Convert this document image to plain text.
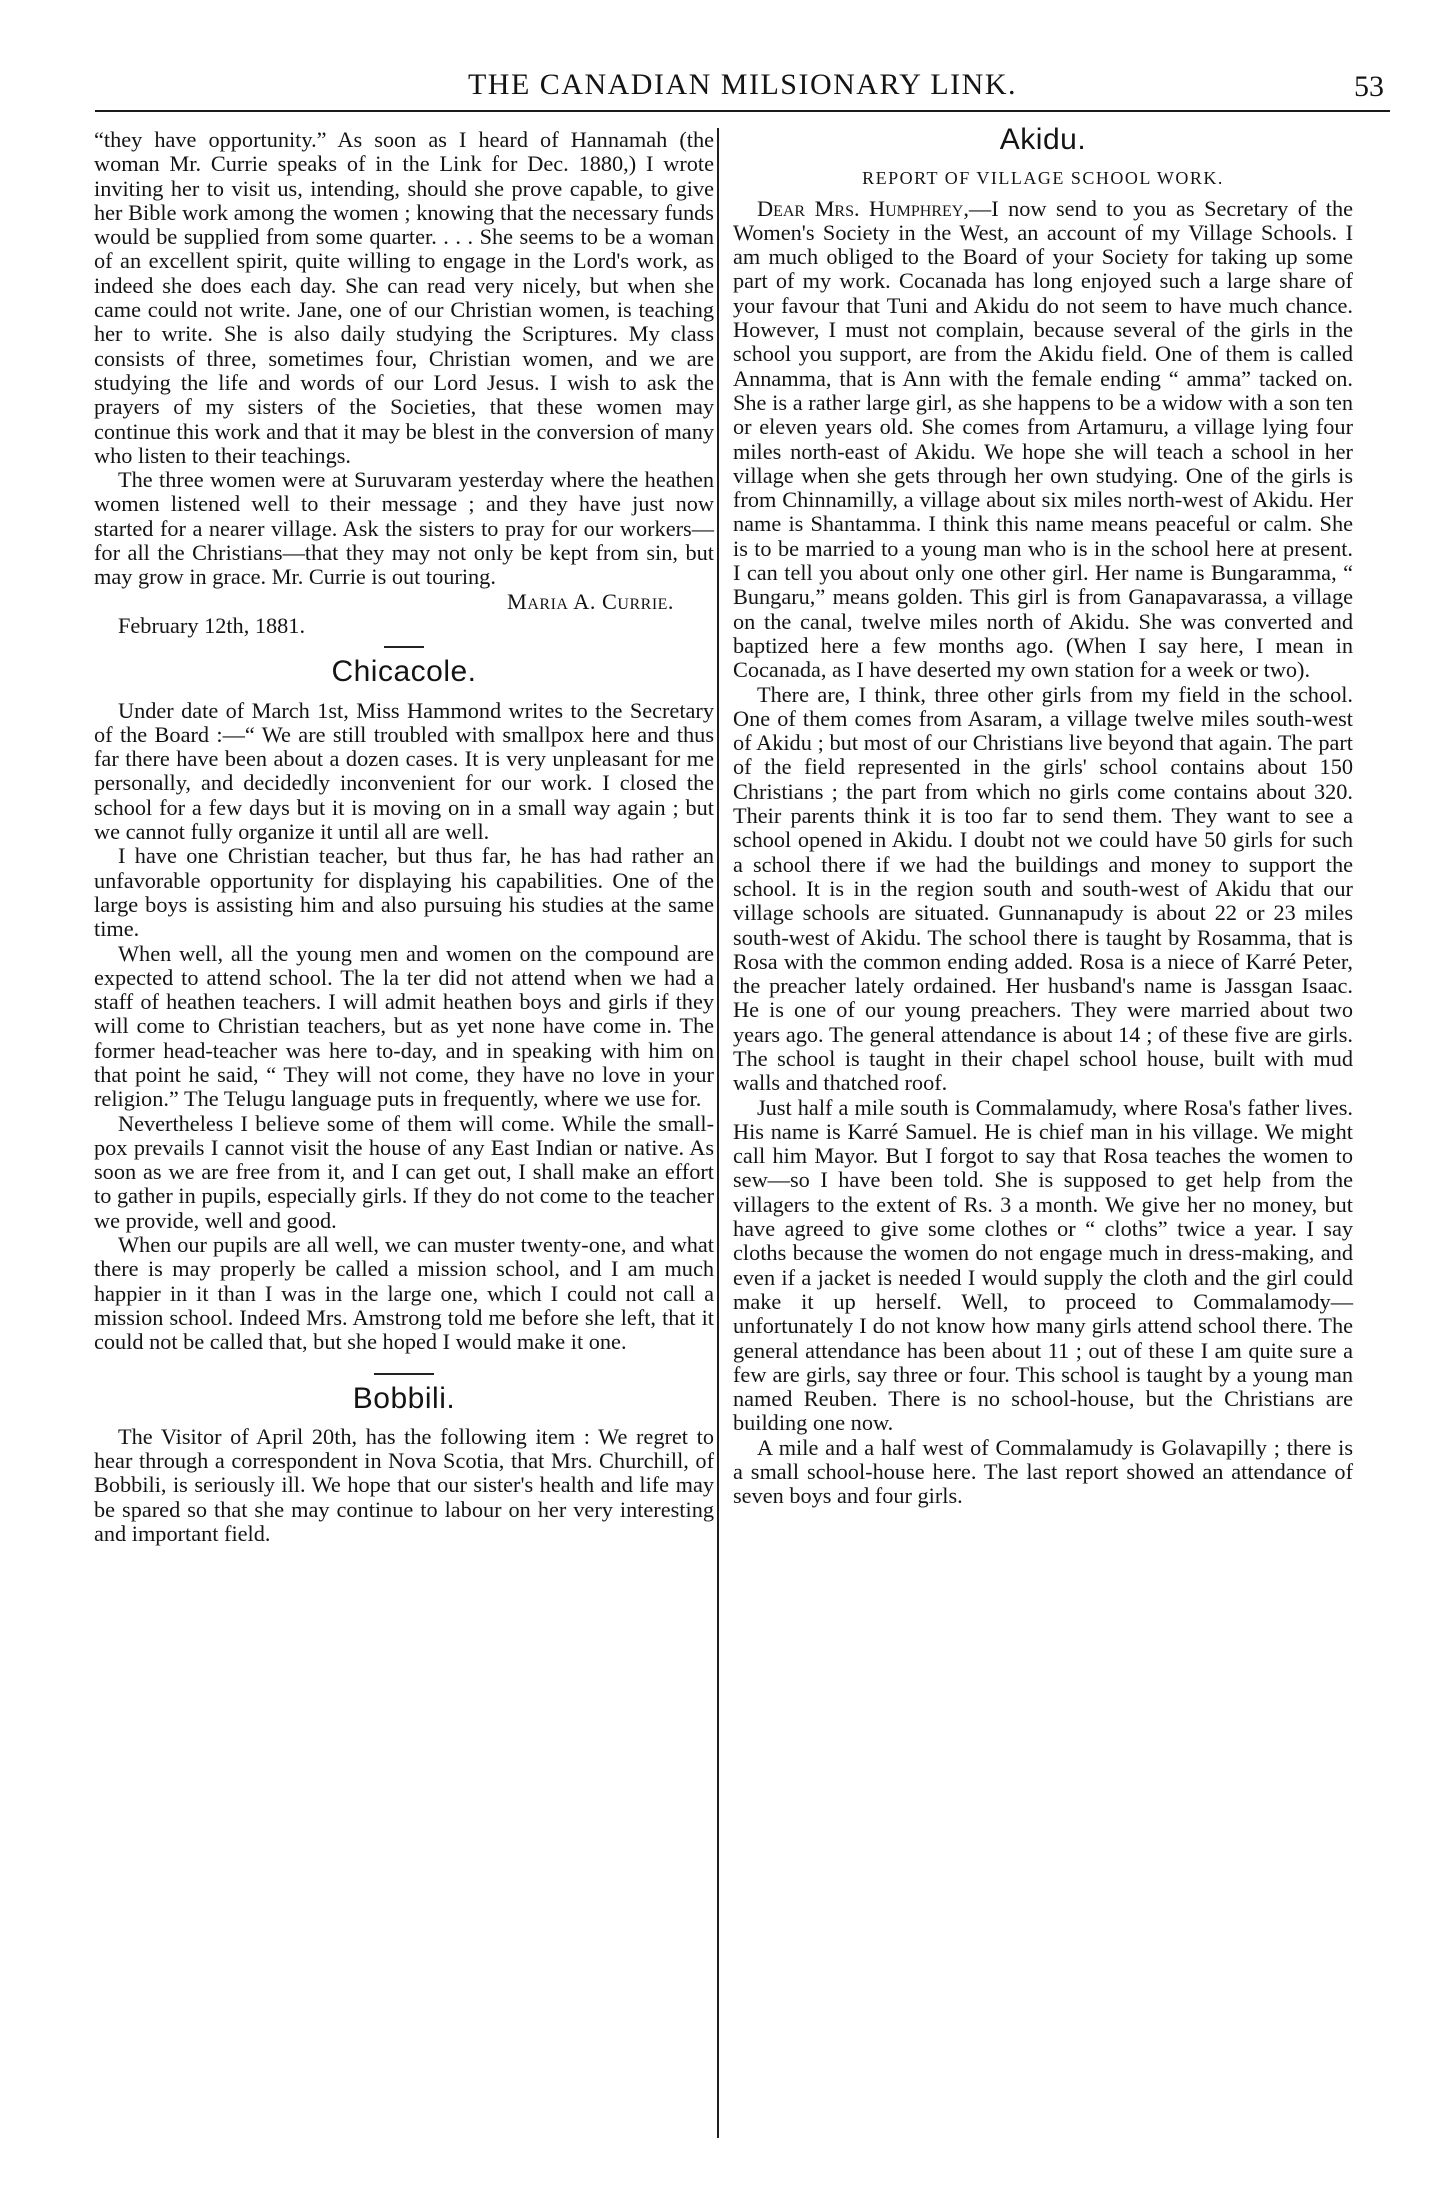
THE CANADIAN MILSIONARY LINK.	53

“they have opportunity.” As soon as I heard of Hannamah (the woman Mr. Currie speaks of in the Link for Dec. 1880,) I wrote inviting her to visit us, intending, should she prove capable, to give her Bible work among the women ; knowing that the necessary funds would be supplied from some quarter. . . . She seems to be a woman of an excellent spirit, quite willing to engage in the Lord's work, as indeed she does each day. She can read very nicely, but when she came could not write. Jane, one of our Christian women, is teaching her to write. She is also daily studying the Scriptures. My class consists of three, sometimes four, Christian women, and we are studying the life and words of our Lord Jesus. I wish to ask the prayers of my sisters of the Societies, that these women may continue this work and that it may be blest in the conversion of many who listen to their teachings.

The three women were at Suruvaram yesterday where the heathen women listened well to their message ; and they have just now started for a nearer village. Ask the sisters to pray for our workers—for all the Christians—that they may not only be kept from sin, but may grow in grace. Mr. Currie is out touring.

Maria A. Currie.

February 12th, 1881.

Chicacole.

Under date of March 1st, Miss Hammond writes to the Secretary of the Board :—“ We are still troubled with smallpox here and thus far there have been about a dozen cases. It is very unpleasant for me personally, and decidedly inconvenient for our work. I closed the school for a few days but it is moving on in a small way again ; but we cannot fully organize it until all are well.

I have one Christian teacher, but thus far, he has had rather an unfavorable opportunity for displaying his capabilities. One of the large boys is assisting him and also pursuing his studies at the same time.

When well, all the young men and women on the compound are expected to attend school. The la ter did not attend when we had a staff of heathen teachers. I will admit heathen boys and girls if they will come to Christian teachers, but as yet none have come in. The former head-teacher was here to-day, and in speaking with him on that point he said, “ They will not come, they have no love in your religion.” The Telugu language puts in frequently, where we use for.

Nevertheless I believe some of them will come. While the small-pox prevails I cannot visit the house of any East Indian or native. As soon as we are free from it, and I can get out, I shall make an effort to gather in pupils, especially girls. If they do not come to the teacher we provide, well and good.

When our pupils are all well, we can muster twenty-one, and what there is may properly be called a mission school, and I am much happier in it than I was in the large one, which I could not call a mission school. Indeed Mrs. Amstrong told me before she left, that it could not be called that, but she hoped I would make it one.

Bobbili.

The Visitor of April 20th, has the following item : We regret to hear through a correspondent in Nova Scotia, that Mrs. Churchill, of Bobbili, is seriously ill. We hope that our sister's health and life may be spared so that she may continue to labour on her very interesting and important field.

Akidu.
REPORT OF VILLAGE SCHOOL WORK.

Dear Mrs. Humphrey,—I now send to you as Secretary of the Women's Society in the West, an account of my Village Schools. I am much obliged to the Board of your Society for taking up some part of my work. Cocanada has long enjoyed such a large share of your favour that Tuni and Akidu do not seem to have much chance. However, I must not complain, because several of the girls in the school you support, are from the Akidu field. One of them is called Annamma, that is Ann with the female ending “ amma” tacked on. She is a rather large girl, as she happens to be a widow with a son ten or eleven years old. She comes from Artamuru, a village lying four miles north-east of Akidu. We hope she will teach a school in her village when she gets through her own studying. One of the girls is from Chinnamilly, a village about six miles north-west of Akidu. Her name is Shantamma. I think this name means peaceful or calm. She is to be married to a young man who is in the school here at present. I can tell you about only one other girl. Her name is Bungaramma, “ Bungaru,” means golden. This girl is from Ganapavarassa, a village on the canal, twelve miles north of Akidu. She was converted and baptized here a few months ago. (When I say here, I mean in Cocanada, as I have deserted my own station for a week or two).

There are, I think, three other girls from my field in the school. One of them comes from Asaram, a village twelve miles south-west of Akidu ; but most of our Christians live beyond that again. The part of the field represented in the girls' school contains about 150 Christians ; the part from which no girls come contains about 320. Their parents think it is too far to send them. They want to see a school opened in Akidu. I doubt not we could have 50 girls for such a school there if we had the buildings and money to support the school. It is in the region south and south-west of Akidu that our village schools are situated. Gunnanapudy is about 22 or 23 miles south-west of Akidu. The school there is taught by Rosamma, that is Rosa with the common ending added. Rosa is a niece of Karré Peter, the preacher lately ordained. Her husband's name is Jassgan Isaac. He is one of our young preachers. They were married about two years ago. The general attendance is about 14 ; of these five are girls. The school is taught in their chapel school house, built with mud walls and thatched roof.

Just half a mile south is Commalamudy, where Rosa's father lives. His name is Karré Samuel. He is chief man in his village. We might call him Mayor. But I forgot to say that Rosa teaches the women to sew—so I have been told. She is supposed to get help from the villagers to the extent of Rs. 3 a month. We give her no money, but have agreed to give some clothes or “ cloths” twice a year. I say cloths because the women do not engage much in dress-making, and even if a jacket is needed I would supply the cloth and the girl could make it up herself. Well, to proceed to Commalamody—unfortunately I do not know how many girls attend school there. The general attendance has been about 11 ; out of these I am quite sure a few are girls, say three or four. This school is taught by a young man named Reuben. There is no school-house, but the Christians are building one now.

A mile and a half west of Commalamudy is Golavapilly ; there is a small school-house here. The last report showed an attendance of seven boys and four girls.
